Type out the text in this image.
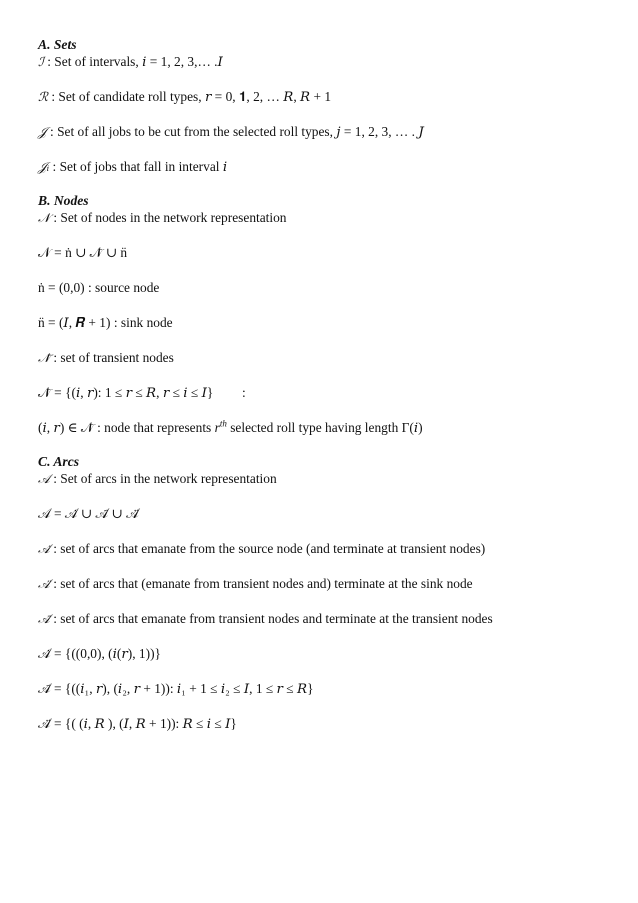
A. Sets
ℐ : Set of intervals, 𝑖 = 1, 2, 3,… .𝐼
ℛ : Set of candidate roll types, 𝑟 = 0, 𝟏, 2, … 𝑅, 𝑅 + 1
𝒥 : Set of all jobs to be cut from the selected roll types, 𝑗 = 1, 2, 3, … . 𝐽
𝒥ᵢ : Set of jobs that fall in interval 𝑖
B. Nodes
𝒩 : Set of nodes in the network representation
𝒩 = ṅ ∪ 𝒩̄ ∪ n̈
ṅ = (0,0) : source node
n̈ = (𝐼, 𝑹 + 1) : sink node
𝒩̄ : set of transient nodes
𝒩̄ = {(𝑖, 𝑟): 1 ≤ 𝑟 ≤ 𝑅, 𝑟 ≤ 𝑖 ≤ 𝐼} :
(𝑖, 𝑟) ∈ 𝒩̄ : node that represents $r^{th}$ selected roll type having length Γ(𝑖)
C. Arcs
𝒜 : Set of arcs in the network representation
𝒜 = 𝒜̇ ∪ 𝒜̄ ∪ 𝒜̈
𝒜̇ : set of arcs that emanate from the source node (and terminate at transient nodes)
𝒜̈ : set of arcs that (emanate from transient nodes and) terminate at the sink node
𝒜̄ : set of arcs that emanate from transient nodes and terminate at the transient nodes
𝒜̇ = {((0,0), (𝑖(𝑟), 1))}
𝒜̄ = {((𝑖₁, 𝑟), (𝑖₂, 𝑟 + 1)): 𝑖₁ + 1 ≤ 𝑖₂ ≤ 𝐼, 1 ≤ 𝑟 ≤ 𝑅}
𝒜̈ = {( (𝑖, 𝑅 ), (𝐼, 𝑅 + 1)): 𝑅 ≤ 𝑖 ≤ 𝐼}
